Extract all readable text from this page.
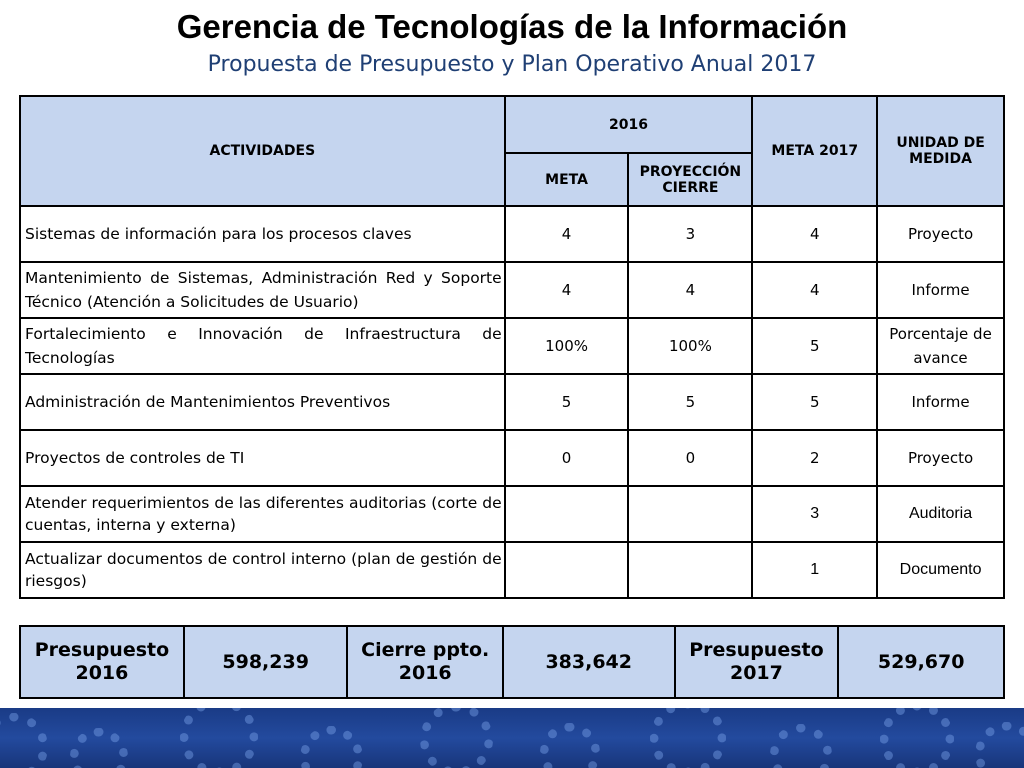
Gerencia de Tecnologías de la Información
Propuesta de Presupuesto y Plan Operativo Anual 2017
ACTIVIDADES	2016		META 2017	UNIDAD DE MEDIDA
	META	PROYECCIÓN CIERRE		
Sistemas de información para los procesos claves	4	3	4	Proyecto
Mantenimiento de Sistemas, Administración Red y Soporte Técnico (Atención a Solicitudes de Usuario)	4	4	4	Informe
Fortalecimiento e Innovación de Infraestructura de Tecnologías	100%	100%	5	Porcentaje de avance
Administración de Mantenimientos Preventivos	5	5	5	Informe
Proyectos de controles de TI	0	0	2	Proyecto
Atender requerimientos de las diferentes auditorias (corte de cuentas, interna y externa)			3	Auditoria
Actualizar documentos de control interno (plan de gestión de riesgos)			1	Documento
Presupuesto 2016	598,239	Cierre ppto. 2016	383,642	Presupuesto 2017	529,670
